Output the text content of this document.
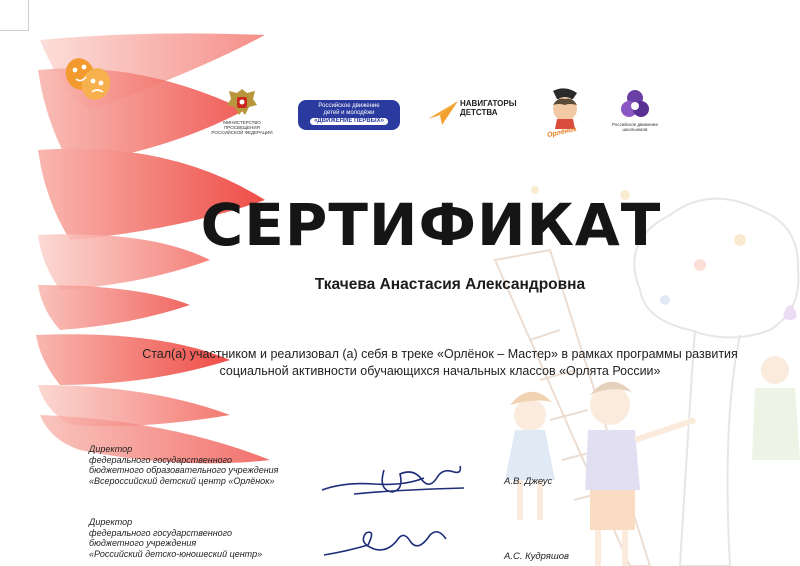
МИНИСТЕРСТВО ПРОСВЕЩЕНИЯ РОССИЙСКОЙ ФЕДЕРАЦИИ
Российское движение
детей и молодёжи
«ДВИЖЕНИЕ ПЕРВЫХ»
НАВИГАТОРЫ
ДЕТСТВА
Орлёнок
Российское движение школьников
СЕРТИФИКАТ
Ткачева Анастасия Александровна
Стал(а) участником и реализовал (а) себя в треке «Орлёнок – Мастер» в рамках программы развития социальной активности обучающихся начальных классов «Орлята России»
Директор
федерального государственного
бюджетного образовательного учреждения
«Всероссийский детский центр «Орлёнок»	А.В. Джеус
Директор
федерального государственного
бюджетного учреждения
«Российский детско-юношеский центр»	А.С. Кудряшов
